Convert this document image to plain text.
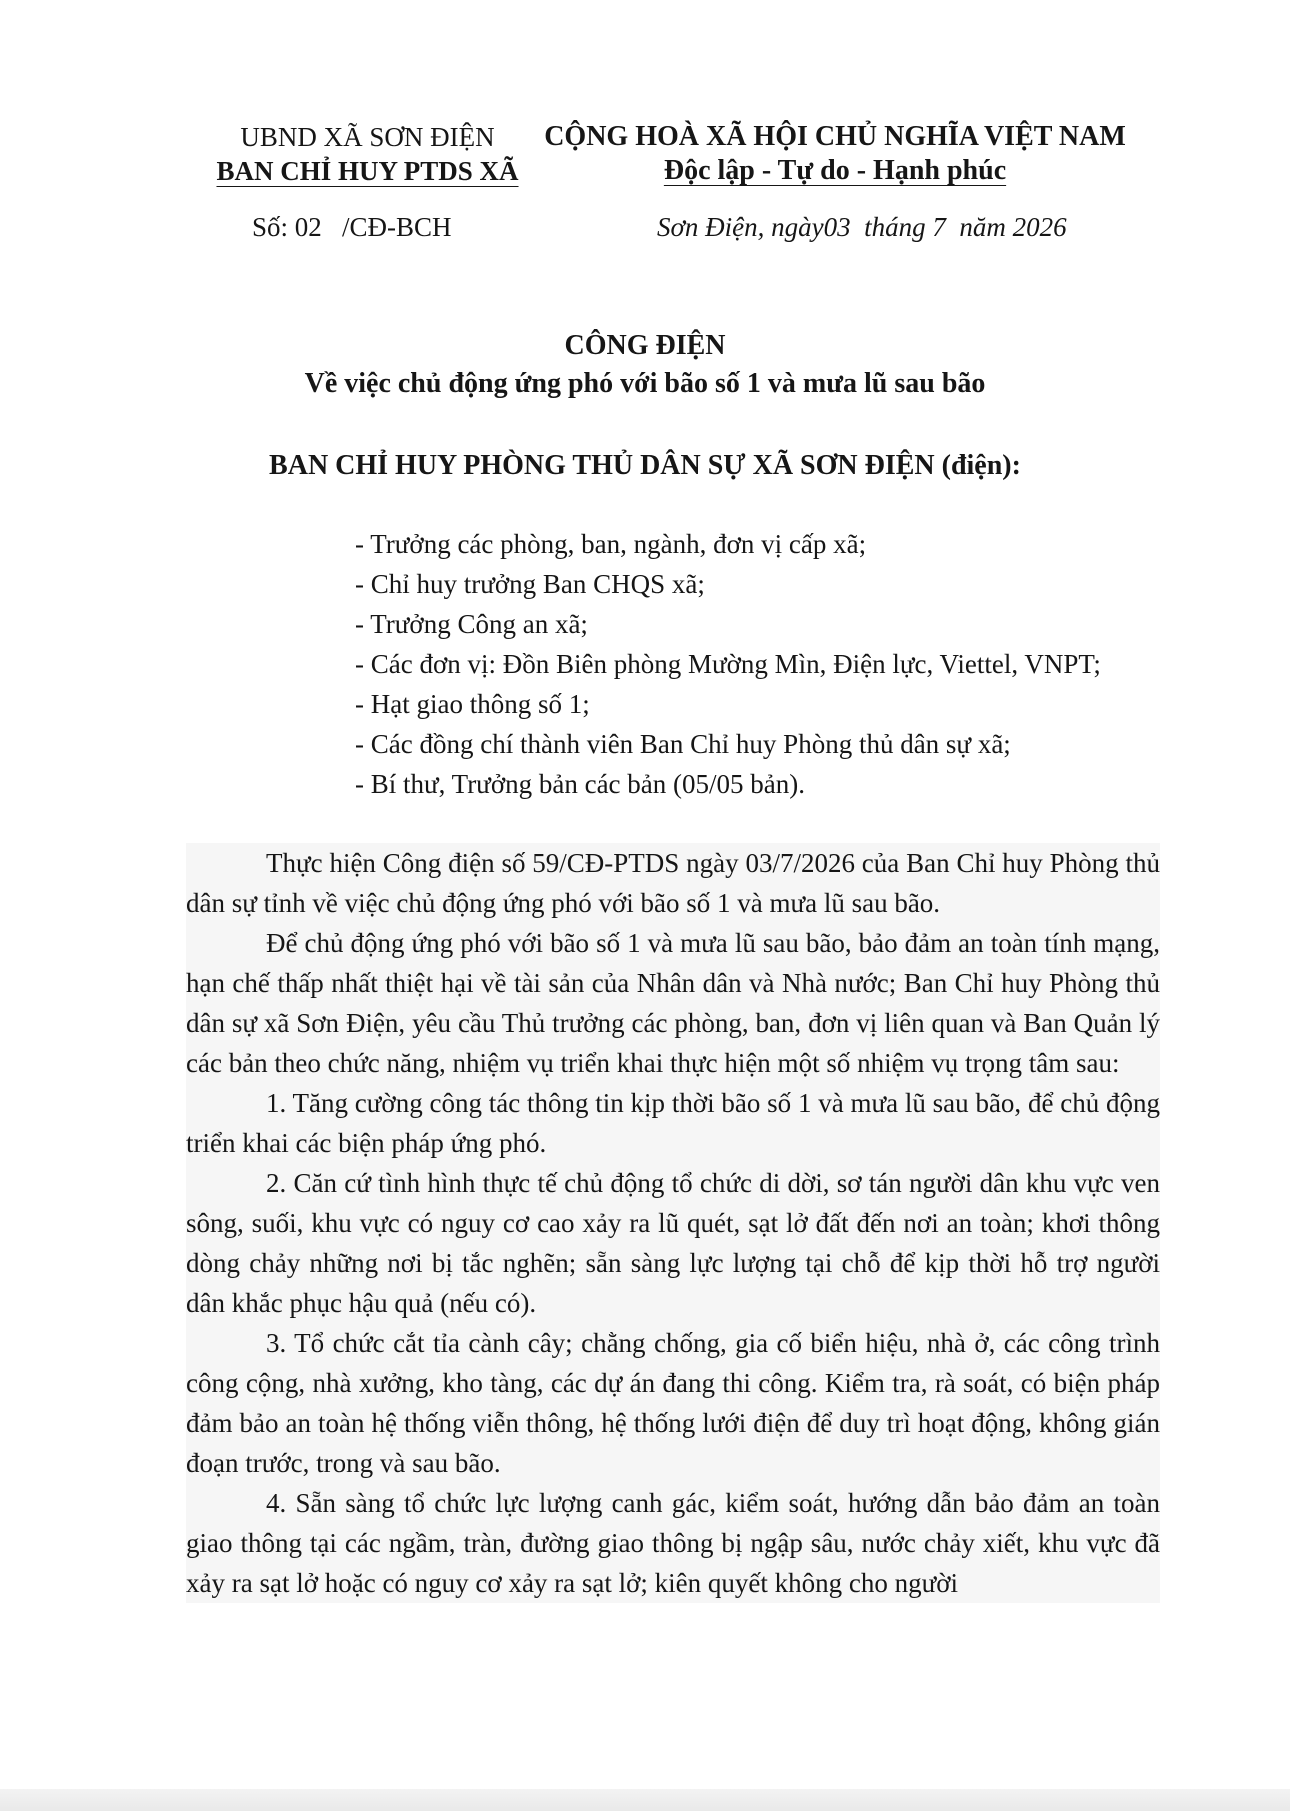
UBND XÃ SƠN ĐIỆN
BAN CHỈ HUY PTDS XÃ
CỘNG HOÀ XÃ HỘI CHỦ NGHĨA VIỆT NAM
Độc lập - Tự do - Hạnh phúc
Số: 02   /CĐ-BCH	Sơn Điện, ngày03  tháng 7  năm 2026
CÔNG ĐIỆN
Về việc chủ động ứng phó với bão số 1 và mưa lũ sau bão
BAN CHỈ HUY PHÒNG THỦ DÂN SỰ XÃ SƠN ĐIỆN (điện):
- Trưởng các phòng, ban, ngành, đơn vị cấp xã;
- Chỉ huy trưởng Ban CHQS xã;
- Trưởng Công an xã;
- Các đơn vị: Đồn Biên phòng Mường Mìn, Điện lực, Viettel, VNPT;
- Hạt giao thông số 1;
- Các đồng chí thành viên Ban Chỉ huy Phòng thủ dân sự xã;
- Bí thư, Trưởng bản các bản (05/05 bản).

Thực hiện Công điện số 59/CĐ-PTDS ngày 03/7/2026 của Ban Chỉ huy Phòng thủ dân sự tỉnh về việc chủ động ứng phó với bão số 1 và mưa lũ sau bão.

Để chủ động ứng phó với bão số 1 và mưa lũ sau bão, bảo đảm an toàn tính mạng, hạn chế thấp nhất thiệt hại về tài sản của Nhân dân và Nhà nước; Ban Chỉ huy Phòng thủ dân sự xã Sơn Điện, yêu cầu Thủ trưởng các phòng, ban, đơn vị liên quan và Ban Quản lý các bản theo chức năng, nhiệm vụ triển khai thực hiện một số nhiệm vụ trọng tâm sau:

1. Tăng cường công tác thông tin kịp thời bão số 1 và mưa lũ sau bão, để chủ động triển khai các biện pháp ứng phó.

2. Căn cứ tình hình thực tế chủ động tổ chức di dời, sơ tán người dân khu vực ven sông, suối, khu vực có nguy cơ cao xảy ra lũ quét, sạt lở đất đến nơi an toàn; khơi thông dòng chảy những nơi bị tắc nghẽn; sẵn sàng lực lượng tại chỗ để kịp thời hỗ trợ người dân khắc phục hậu quả (nếu có).

3. Tổ chức cắt tỉa cành cây; chằng chống, gia cố biển hiệu, nhà ở, các công trình công cộng, nhà xưởng, kho tàng, các dự án đang thi công. Kiểm tra, rà soát, có biện pháp đảm bảo an toàn hệ thống viễn thông, hệ thống lưới điện để duy trì hoạt động, không gián đoạn trước, trong và sau bão.

4. Sẵn sàng tổ chức lực lượng canh gác, kiểm soát, hướng dẫn bảo đảm an toàn giao thông tại các ngầm, tràn, đường giao thông bị ngập sâu, nước chảy xiết, khu vực đã xảy ra sạt lở hoặc có nguy cơ xảy ra sạt lở; kiên quyết không cho người
